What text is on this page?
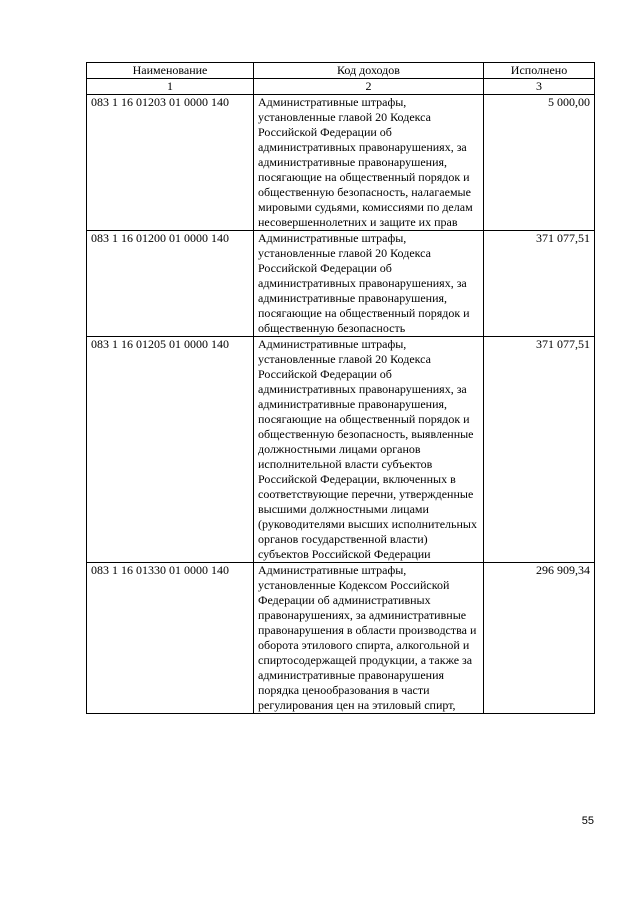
Наименование	Код доходов	Исполнено
1	2	3
083 1 16 01203 01 0000 140	Административные штрафы, установленные главой 20 Кодекса Российской Федерации об административных правонарушениях, за административные правонарушения, посягающие на общественный порядок и общественную безопасность, налагаемые мировыми судьями, комиссиями по делам несовершеннолетних и защите их прав	5 000,00
083 1 16 01200 01 0000 140	Административные штрафы, установленные главой 20 Кодекса Российской Федерации об административных правонарушениях, за административные правонарушения, посягающие на общественный порядок и общественную безопасность	371 077,51
083 1 16 01205 01 0000 140	Административные штрафы, установленные главой 20 Кодекса Российской Федерации об административных правонарушениях, за административные правонарушения, посягающие на общественный порядок и общественную безопасность, выявленные должностными лицами органов исполнительной власти субъектов Российской Федерации, включенных в соответствующие перечни, утвержденные высшими должностными лицами (руководителями высших исполнительных органов государственной власти) субъектов Российской Федерации	371 077,51
083 1 16 01330 01 0000 140	Административные штрафы, установленные Кодексом Российской Федерации об административных правонарушениях, за административные правонарушения в области производства и оборота этилового спирта, алкогольной и спиртосодержащей продукции, а также за административные правонарушения порядка ценообразования в части регулирования цен на этиловый спирт,	296 909,34
55
